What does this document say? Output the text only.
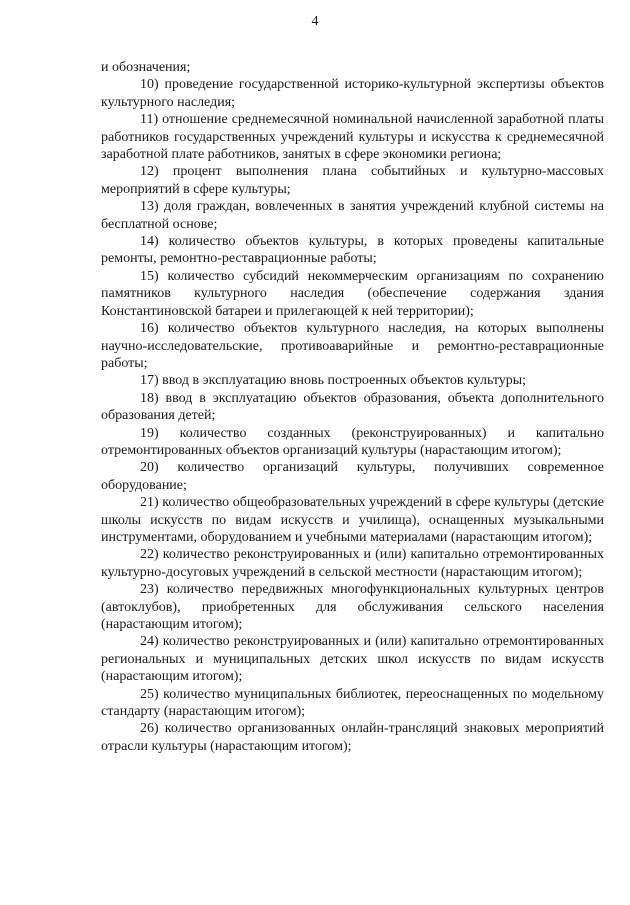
4

и обозначения;

10) проведение государственной историко-культурной экспертизы объектов культурного наследия;

11) отношение среднемесячной номинальной начисленной заработной платы работников государственных учреждений культуры и искусства к среднемесячной заработной плате работников, занятых в сфере экономики региона;

12) процент выполнения плана событийных и культурно-массовых мероприятий в сфере культуры;

13) доля граждан, вовлеченных в занятия учреждений клубной системы на бесплатной основе;

14) количество объектов культуры, в которых проведены капитальные ремонты, ремонтно-реставрационные работы;

15) количество субсидий некоммерческим организациям по сохранению памятников культурного наследия (обеспечение содержания здания Константиновской батареи и прилегающей к ней территории);

16) количество объектов культурного наследия, на которых выполнены научно-исследовательские, противоаварийные и ремонтно-реставрационные работы;

17) ввод в эксплуатацию вновь построенных объектов культуры;

18) ввод в эксплуатацию объектов образования, объекта дополнительного образования детей;

19) количество созданных (реконструированных) и капитально отремонтированных объектов организаций культуры (нарастающим итогом);

20) количество организаций культуры, получивших современное оборудование;

21) количество общеобразовательных учреждений в сфере культуры (детские школы искусств по видам искусств и училища), оснащенных музыкальными инструментами, оборудованием и учебными материалами (нарастающим итогом);

22) количество реконструированных и (или) капитально отремонтированных культурно-досуговых учреждений в сельской местности (нарастающим итогом);

23) количество передвижных многофункциональных культурных центров (автоклубов), приобретенных для обслуживания сельского населения (нарастающим итогом);

24) количество реконструированных и (или) капитально отремонтированных региональных и муниципальных детских школ искусств по видам искусств (нарастающим итогом);

25) количество муниципальных библиотек, переоснащенных по модельному стандарту (нарастающим итогом);

26) количество организованных онлайн-трансляций знаковых мероприятий отрасли культуры (нарастающим итогом);
